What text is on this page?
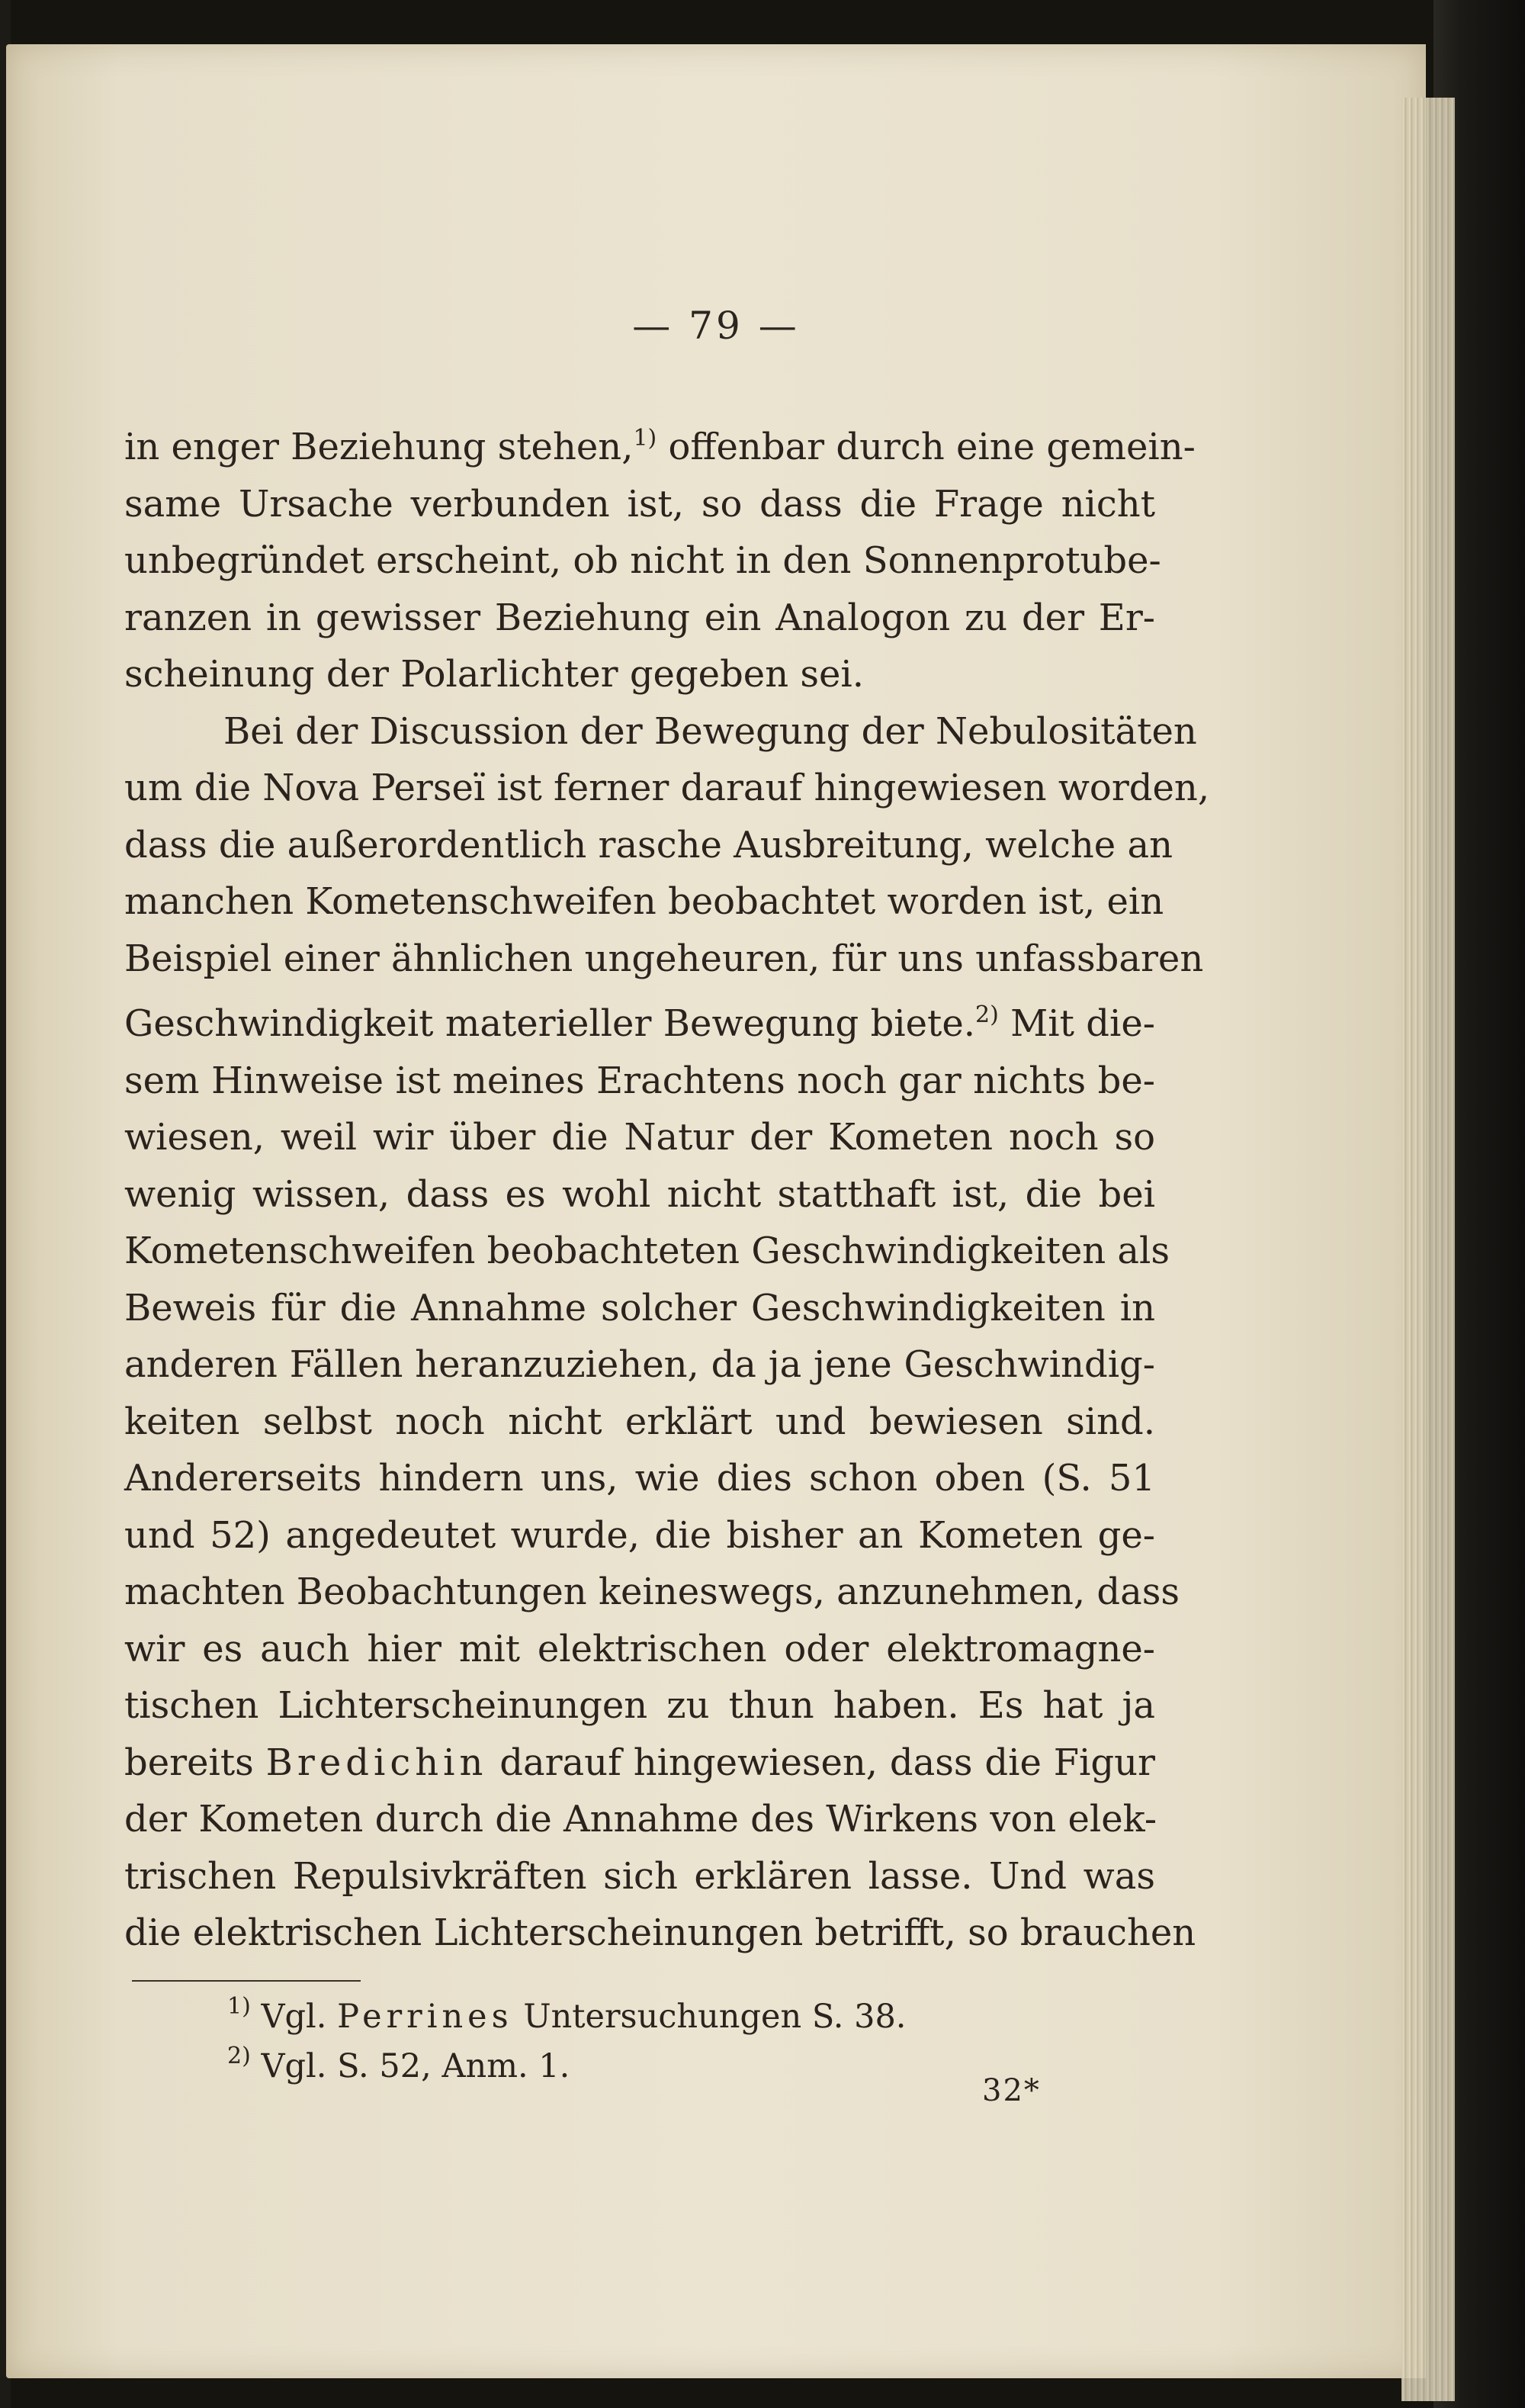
— 79 —
in enger Beziehung stehen,$^{1)}$ offenbar durch eine gemein-
same Ursache verbunden ist, so dass die Frage nicht
unbegründet erscheint, ob nicht in den Sonnenprotube-
ranzen in gewisser Beziehung ein Analogon zu der Er-
scheinung der Polarlichter gegeben sei.
Bei der Discussion der Bewegung der Nebulositäten
um die Nova Perseï ist ferner darauf hingewiesen worden,
dass die außerordentlich rasche Ausbreitung, welche an
manchen Kometenschweifen beobachtet worden ist, ein
Beispiel einer ähnlichen ungeheuren, für uns unfassbaren
Geschwindigkeit materieller Bewegung biete.$^{2)}$ Mit die-
sem Hinweise ist meines Erachtens noch gar nichts be-
wiesen, weil wir über die Natur der Kometen noch so
wenig wissen, dass es wohl nicht statthaft ist, die bei
Kometenschweifen beobachteten Geschwindigkeiten als
Beweis für die Annahme solcher Geschwindigkeiten in
anderen Fällen heranzuziehen, da ja jene Geschwindig-
keiten selbst noch nicht erklärt und bewiesen sind.
Andererseits hindern uns, wie dies schon oben (S. 51
und 52) angedeutet wurde, die bisher an Kometen ge-
machten Beobachtungen keineswegs, anzunehmen, dass
wir es auch hier mit elektrischen oder elektromagne-
tischen Lichterscheinungen zu thun haben. Es hat ja
bereits Bredichin darauf hingewiesen, dass die Figur
der Kometen durch die Annahme des Wirkens von elek-
trischen Repulsivkräften sich erklären lasse. Und was
die elektrischen Lichterscheinungen betrifft, so brauchen
$^{1)}$ Vgl. Perrines Untersuchungen S. 38.
$^{2)}$ Vgl. S. 52, Anm. 1.
32*
